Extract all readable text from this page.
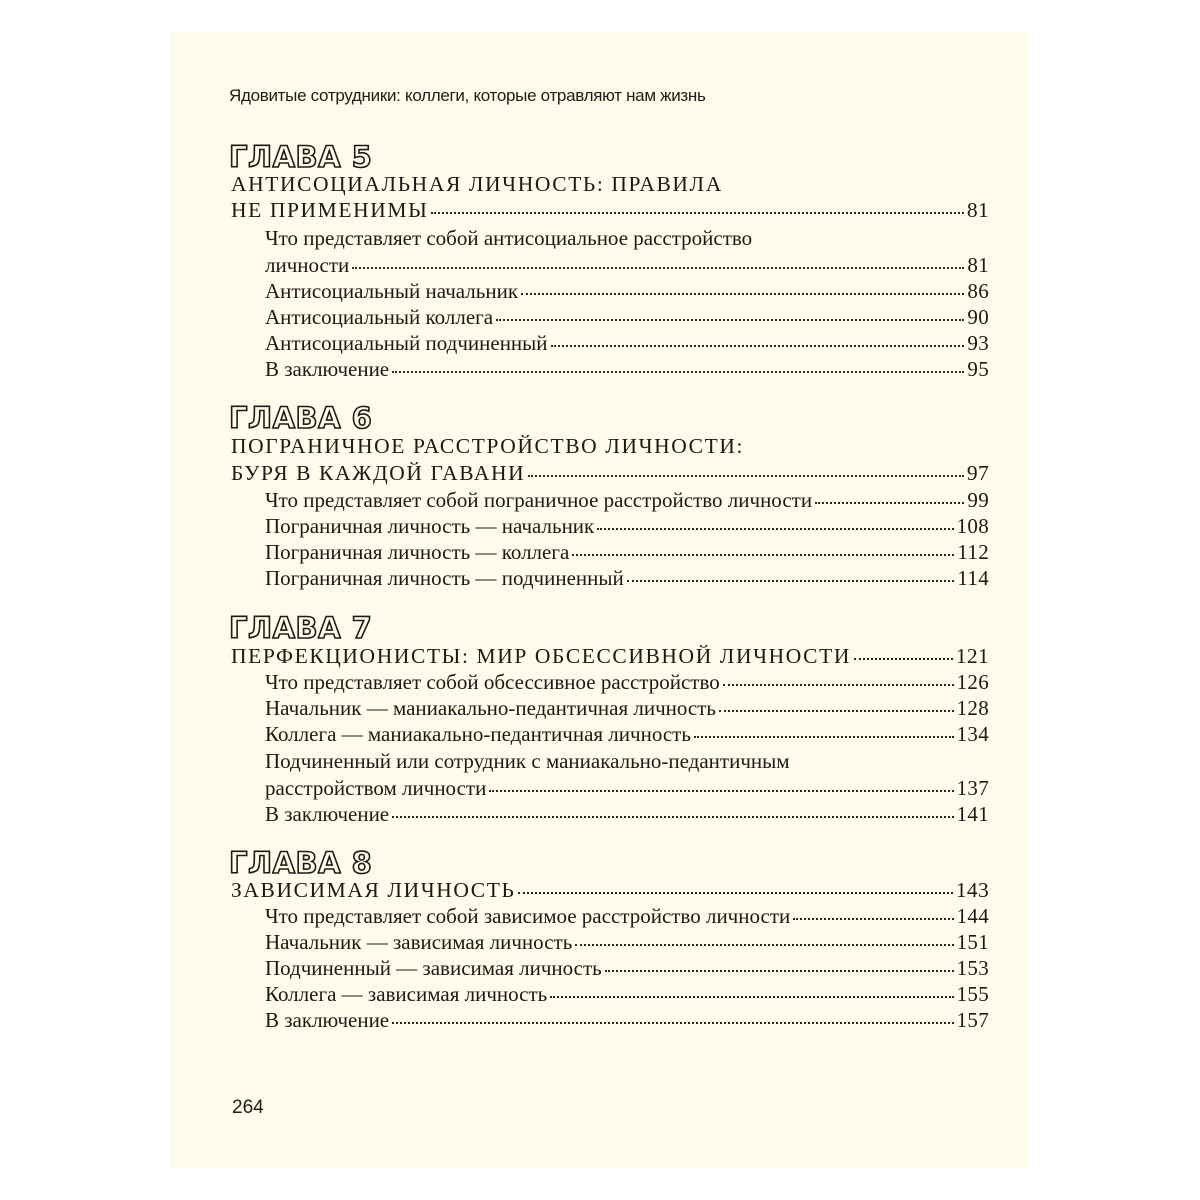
Ядовитые сотрудники: коллеги, которые отравляют нам жизнь
ГЛАВА 5
АНТИСОЦИАЛЬНАЯ ЛИЧНОСТЬ: ПРАВИЛА
НЕ ПРИМЕНИМЫ	81
Что представляет собой антисоциальное расстройство
личности	81
Антисоциальный начальник	86
Антисоциальный коллега	90
Антисоциальный подчиненный	93
В заключение	95
ГЛАВА 6
ПОГРАНИЧНОЕ РАССТРОЙСТВО ЛИЧНОСТИ:
БУРЯ В КАЖДОЙ ГАВАНИ	97
Что представляет собой пограничное расстройство личности	99
Пограничная личность — начальник	108
Пограничная личность — коллега	112
Пограничная личность — подчиненный	114
ГЛАВА 7
ПЕРФЕКЦИОНИСТЫ: МИР ОБСЕССИВНОЙ ЛИЧНОСТИ	121
Что представляет собой обсессивное расстройство	126
Начальник — маниакально-педантичная личность	128
Коллега — маниакально-педантичная личность	134
Подчиненный или сотрудник с маниакально-педантичным
расстройством личности	137
В заключение	141
ГЛАВА 8
ЗАВИСИМАЯ ЛИЧНОСТЬ	143
Что представляет собой зависимое расстройство личности	144
Начальник — зависимая личность	151
Подчиненный — зависимая личность	153
Коллега — зависимая личность	155
В заключение	157
264
